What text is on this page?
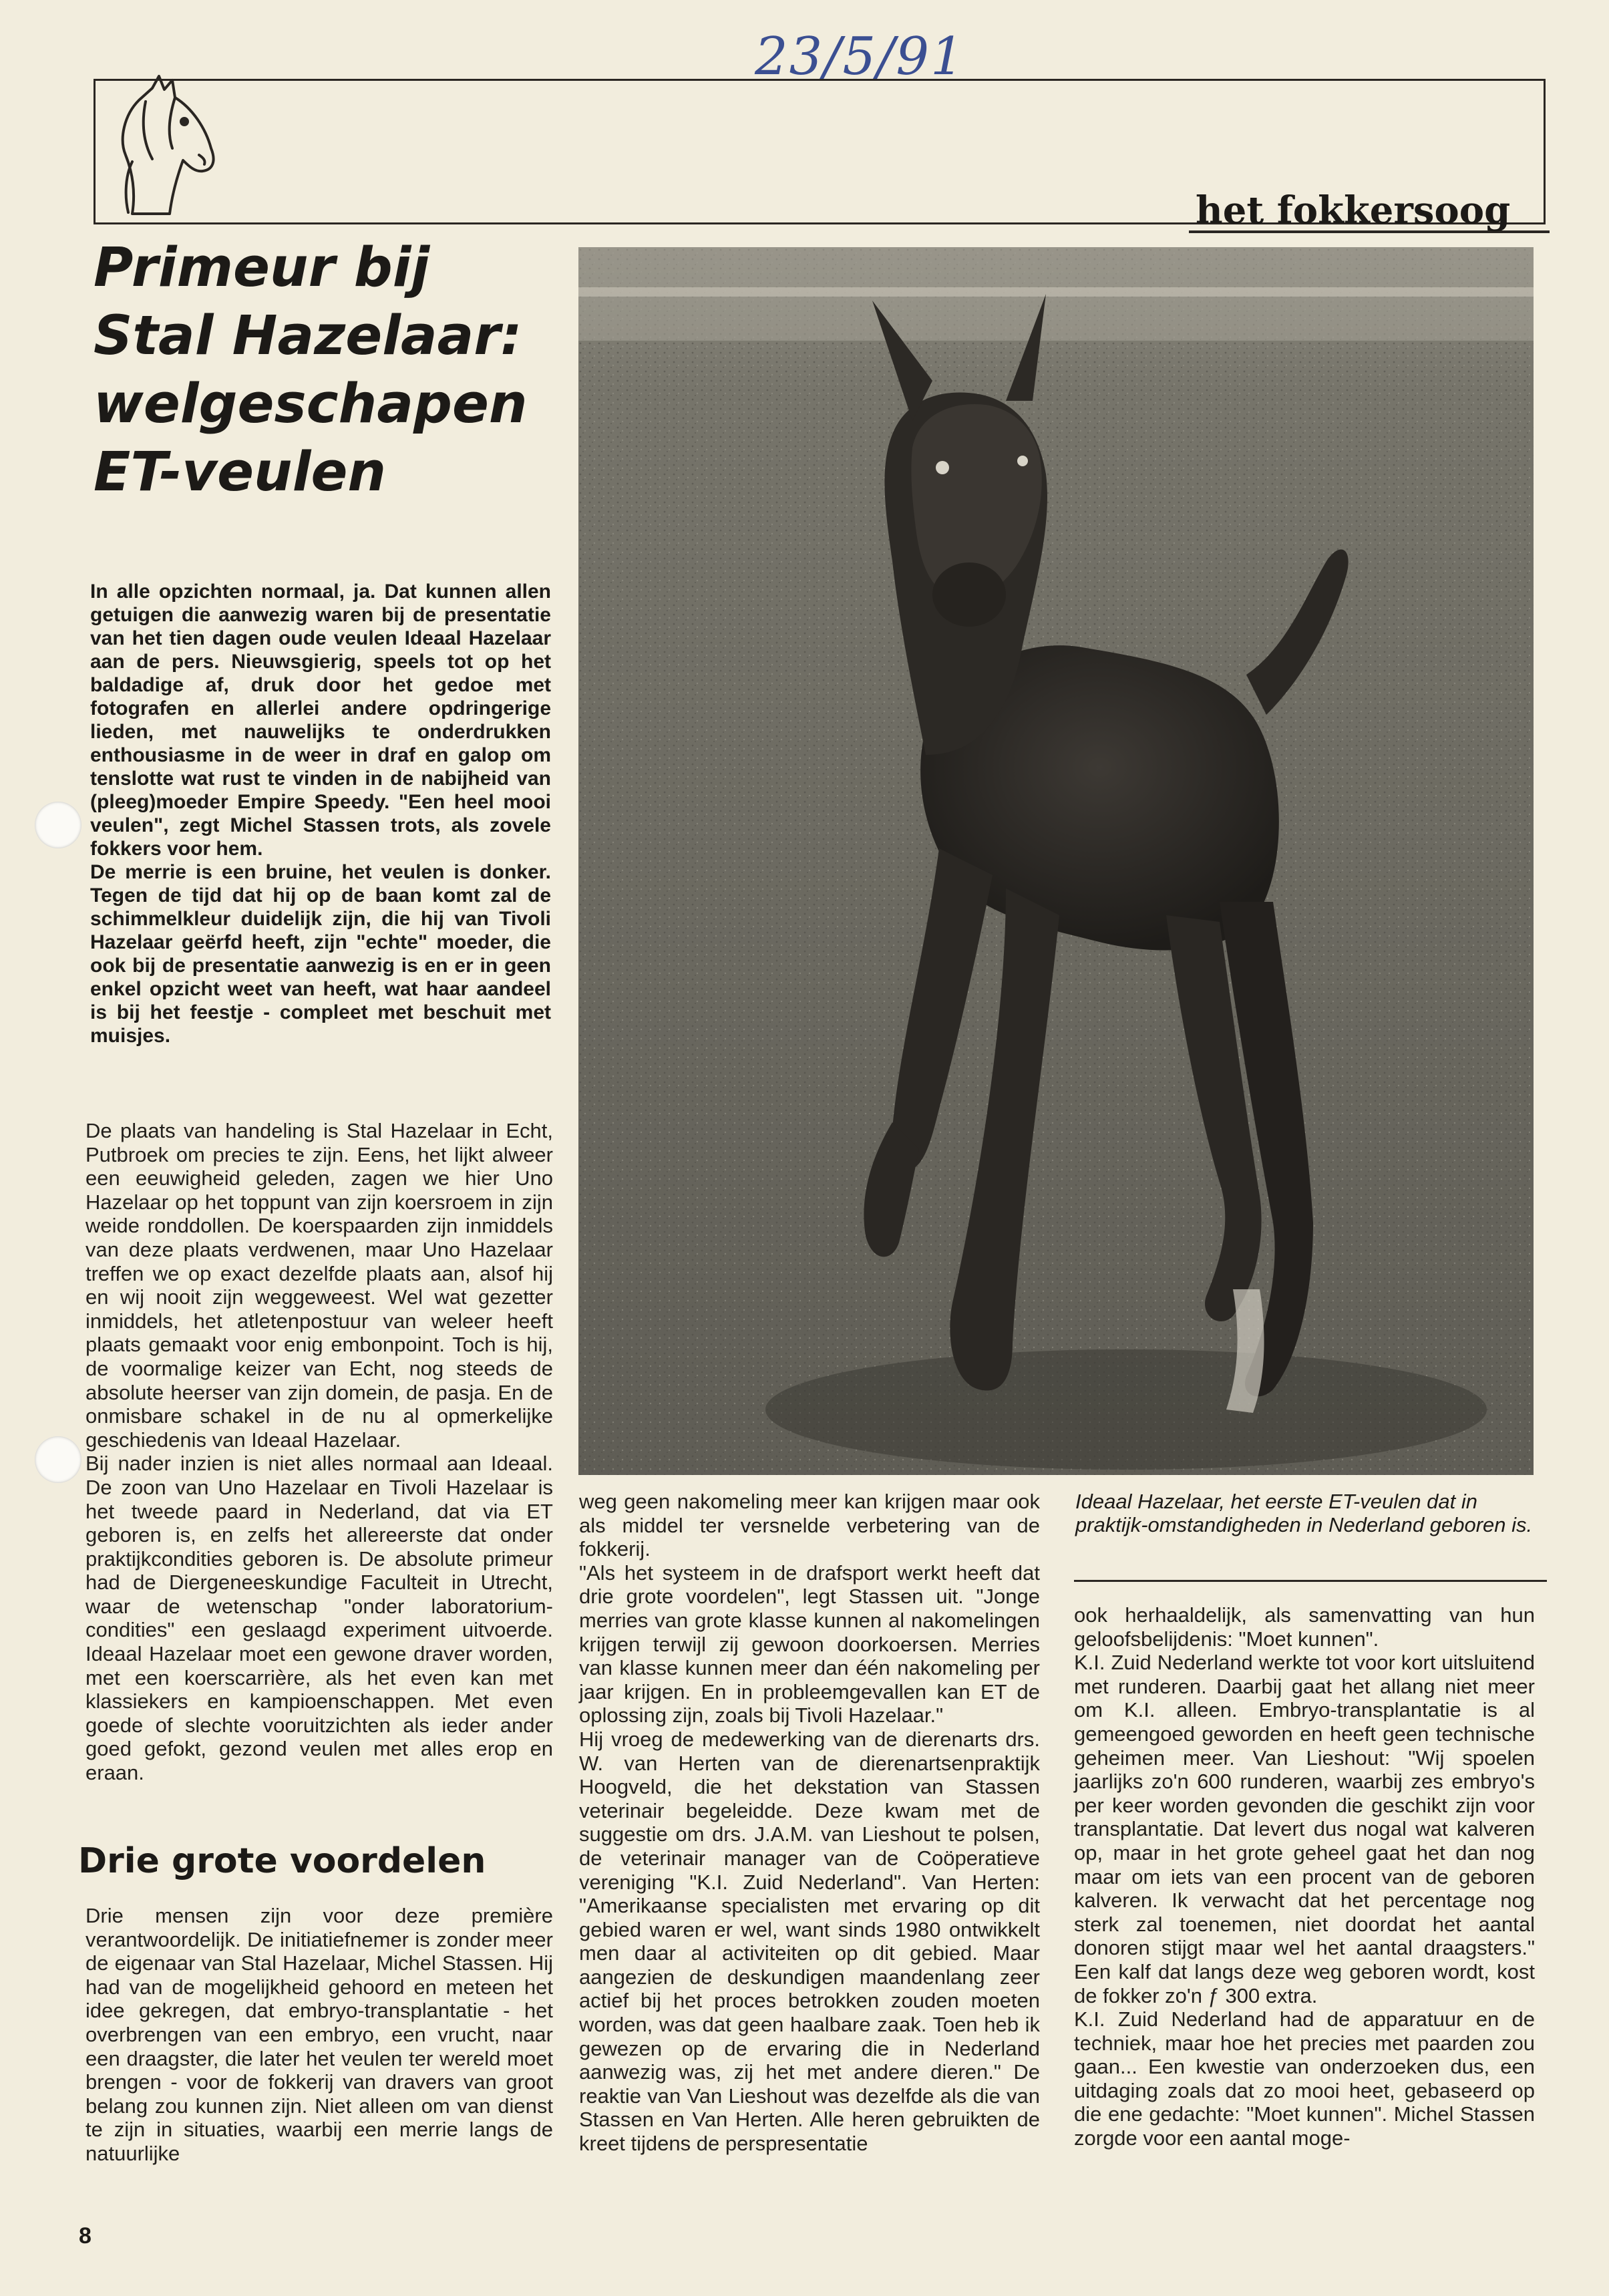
23/5/91
het fokkersoog
Primeur bij
Stal Hazelaar:
welgeschapen
ET-veulen

In alle opzichten normaal, ja. Dat kunnen allen getuigen die aanwezig waren bij de presentatie van het tien dagen oude veulen Ideaal Hazelaar aan de pers. Nieuwsgierig, speels tot op het baldadige af, druk door het gedoe met fotografen en allerlei andere opdringerige lieden, met nauwelijks te onderdrukken enthousiasme in de weer in draf en galop om tenslotte wat rust te vinden in de nabijheid van (pleeg)moeder Empire Speedy. "Een heel mooi veulen", zegt Michel Stassen trots, als zovele fokkers voor hem.

De merrie is een bruine, het veulen is donker. Tegen de tijd dat hij op de baan komt zal de schimmelkleur duidelijk zijn, die hij van Tivoli Hazelaar geërfd heeft, zijn "echte" moeder, die ook bij de presentatie aanwezig is en er in geen enkel opzicht weet van heeft, wat haar aandeel is bij het feestje - compleet met beschuit met muisjes.

De plaats van handeling is Stal Hazelaar in Echt, Putbroek om precies te zijn. Eens, het lijkt alweer een eeuwigheid geleden, zagen we hier Uno Hazelaar op het toppunt van zijn koersroem in zijn weide ronddollen. De koerspaarden zijn inmiddels van deze plaats verdwenen, maar Uno Hazelaar treffen we op exact dezelfde plaats aan, alsof hij en wij nooit zijn weggeweest. Wel wat gezetter inmiddels, het atletenpostuur van weleer heeft plaats gemaakt voor enig embonpoint. Toch is hij, de voormalige keizer van Echt, nog steeds de absolute heerser van zijn domein, de pasja. En de onmisbare schakel in de nu al opmerkelijke geschiedenis van Ideaal Hazelaar.

Bij nader inzien is niet alles normaal aan Ideaal. De zoon van Uno Hazelaar en Tivoli Hazelaar is het tweede paard in Nederland, dat via ET geboren is, en zelfs het allereerste dat onder praktijkcondities geboren is. De absolute primeur had de Diergeneeskundige Faculteit in Utrecht, waar de wetenschap "onder laboratorium-condities" een geslaagd experiment uitvoerde. Ideaal Hazelaar moet een gewone draver worden, met een koerscarrière, als het even kan met klassiekers en kampioenschappen. Met even goede of slechte vooruitzichten als ieder ander goed gefokt, gezond veulen met alles erop en eraan.

Drie grote voordelen

Drie mensen zijn voor deze première verantwoordelijk. De initiatiefnemer is zonder meer de eigenaar van Stal Hazelaar, Michel Stassen. Hij had van de mogelijkheid gehoord en meteen het idee gekregen, dat embryo-transplantatie - het overbrengen van een embryo, een vrucht, naar een draagster, die later het veulen ter wereld moet brengen - voor de fokkerij van dravers van groot belang zou kunnen zijn. Niet alleen om van dienst te zijn in situaties, waarbij een merrie langs de natuurlijke

weg geen nakomeling meer kan krijgen maar ook als middel ter versnelde verbetering van de fokkerij.

"Als het systeem in de drafsport werkt heeft dat drie grote voordelen", legt Stassen uit. "Jonge merries van grote klasse kunnen al nakomelingen krijgen terwijl zij gewoon doorkoersen. Merries van klasse kunnen meer dan één nakomeling per jaar krijgen. En in probleemgevallen kan ET de oplossing zijn, zoals bij Tivoli Hazelaar."

Hij vroeg de medewerking van de dierenarts drs. W. van Herten van de dierenartsenpraktijk Hoogveld, die het dekstation van Stassen veterinair begeleidde. Deze kwam met de suggestie om drs. J.A.M. van Lieshout te polsen, de veterinair manager van de Coöperatieve vereniging "K.I. Zuid Nederland". Van Herten: "Amerikaanse specialisten met ervaring op dit gebied waren er wel, want sinds 1980 ontwikkelt men daar al activiteiten op dit gebied. Maar aangezien de deskundigen maandenlang zeer actief bij het proces betrokken zouden moeten worden, was dat geen haalbare zaak. Toen heb ik gewezen op de ervaring die in Nederland aanwezig was, zij het met andere dieren." De reaktie van Van Lieshout was dezelfde als die van Stassen en Van Herten. Alle heren gebruikten de kreet tijdens de perspresentatie

Ideaal Hazelaar, het eerste ET-veulen dat in praktijk-omstandigheden in Nederland geboren is.

ook herhaaldelijk, als samenvatting van hun geloofsbelijdenis: "Moet kunnen".

K.I. Zuid Nederland werkte tot voor kort uitsluitend met runderen. Daarbij gaat het allang niet meer om K.I. alleen. Embryo-transplantatie is al gemeengoed geworden en heeft geen technische geheimen meer. Van Lieshout: "Wij spoelen jaarlijks zo'n 600 runderen, waarbij zes embryo's per keer worden gevonden die geschikt zijn voor transplantatie. Dat levert dus nogal wat kalveren op, maar in het grote geheel gaat het dan nog maar om iets van een procent van de geboren kalveren. Ik verwacht dat het percentage nog sterk zal toenemen, niet doordat het aantal donoren stijgt maar wel het aantal draagsters." Een kalf dat langs deze weg geboren wordt, kost de fokker zo'n ƒ 300 extra.

K.I. Zuid Nederland had de apparatuur en de techniek, maar hoe het precies met paarden zou gaan... Een kwestie van onderzoeken dus, een uitdaging zoals dat zo mooi heet, gebaseerd op die ene gedachte: "Moet kunnen". Michel Stassen zorgde voor een aantal moge-

8
